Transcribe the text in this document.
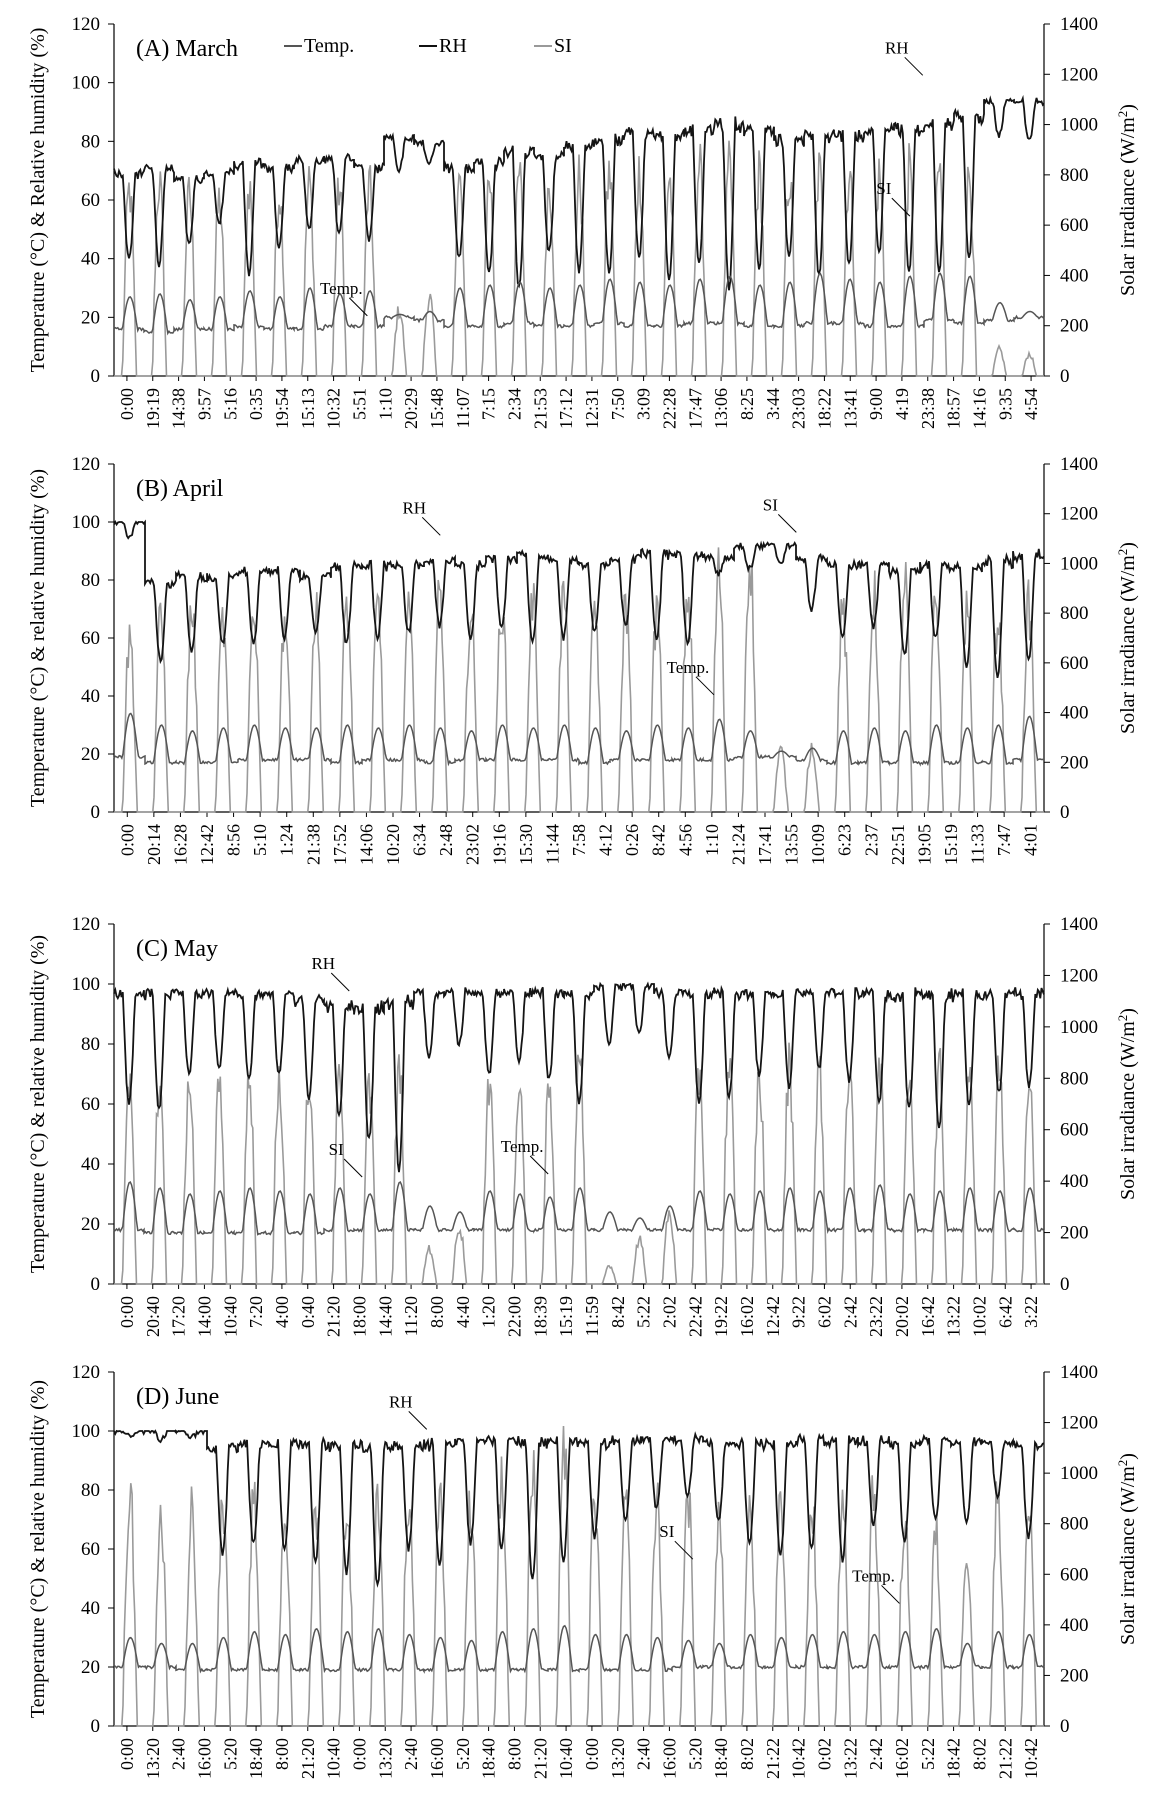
0
20
40
60
80
100
120
0
200
400
600
800
1000
1200
1400
0:00 19:19 14:38 9:57 5:16 0:35 19:54 15:13 10:32 5:51 1:10 20:29 15:48 11:07 7:15 2:34 21:53 17:12 12:31 7:50 3:09 22:28 17:47 13:06 8:25 3:44 23:03 18:22 13:41 9:00 4:19 23:38 18:57 14:16 9:35 4:54
Temperature (°C) & Relative humidity (%)	Solar irradiance $(W/m^2)$
(A) March	Temp.	RH	SI	RH
SI
Temp.
0
20
40
60
80
100
120
0
200
400
600
800
1000
1200
1400
0:00 20:14 16:28 12:42 8:56 5:10 1:24 21:38 17:52 14:06 10:20 6:34 2:48 23:02 19:16 15:30 11:44 7:58 4:12 0:26 8:42 4:56 1:10 21:24 17:41 13:55 10:09 6:23 2:37 22:51 19:05 15:19 11:33 7:47 4:01
Temperature (°C) & relative humidity (%)	Solar irradiance $(W/m^2)$
(B) April
RH	SI
Temp.
0
20
40
60
80
100
120
0
200
400
600
800
1000
1200
1400
0:00 20:40 17:20 14:00 10:40 7:20 4:00 0:40 21:20 18:00 14:40 11:20 8:00 4:40 1:20 22:00 18:39 15:19 11:59 8:42 5:22 2:02 22:42 19:22 16:02 12:42 9:22 6:02 2:42 23:22 20:02 16:42 13:22 10:02 6:42 3:22
Temperature (°C) & relative humidity (%)	Solar irradiance $(W/m^2)$
(C) May
RH
SI	Temp.
0
20
40
60
80
100
120
0
200
400
600
800
1000
1200
1400
0:00 13:20 2:40 16:00 5:20 18:40 8:00 21:20 10:40 0:00 13:20 2:40 16:00 5:20 18:40 8:00 21:20 10:40 0:00 13:20 2:40 16:00 5:20 18:40 8:02 21:22 10:42 0:02 13:22 2:42 16:02 5:22 18:42 8:02 21:22 10:42
Temperature (°C) & relative humidity (%)	Solar irradiance $(W/m^2)$
(D) June	RH
SI
Temp.
